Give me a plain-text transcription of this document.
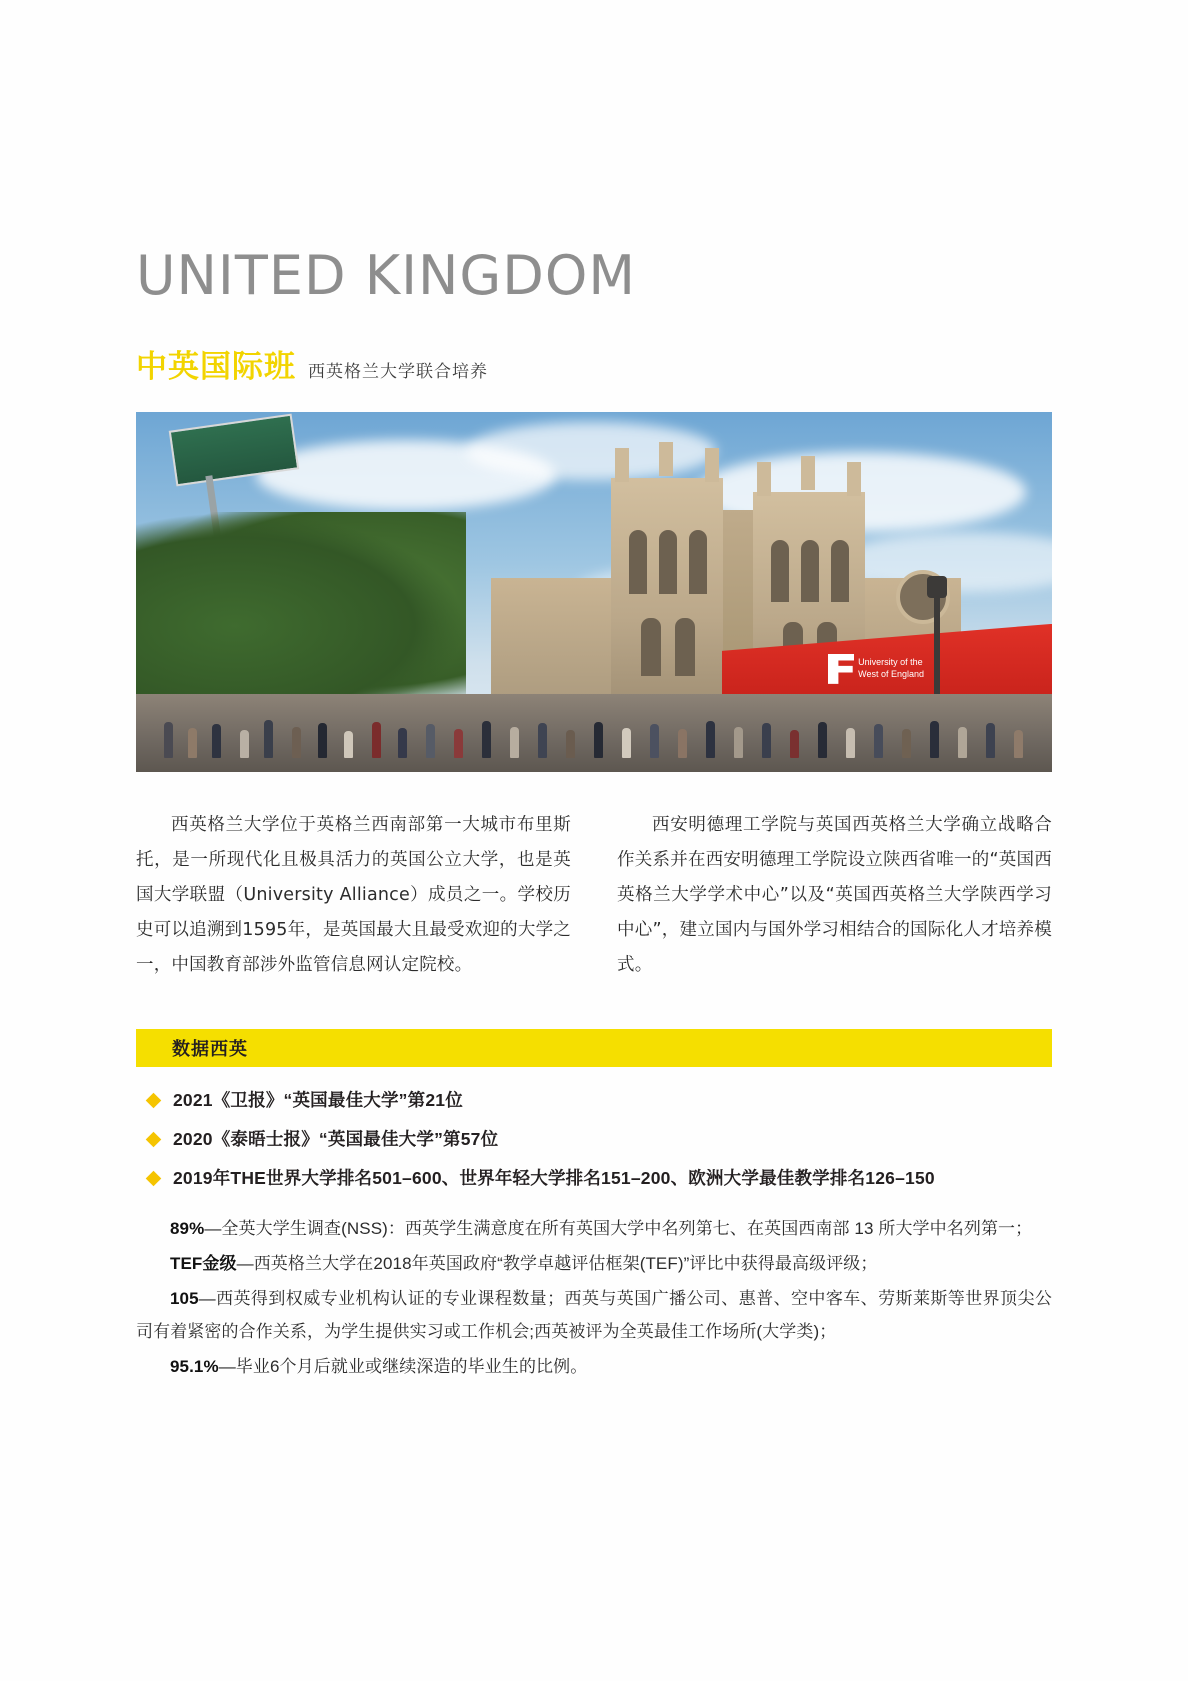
UNITED KINGDOM
中英国际班 西英格兰大学联合培养
University of the
West of England

西英格兰大学位于英格兰西南部第一大城市布里斯托，是一所现代化且极具活力的英国公立大学，也是英国大学联盟（University Alliance）成员之一。学校历史可以追溯到1595年，是英国最大且最受欢迎的大学之一，中国教育部涉外监管信息网认定院校。

西安明德理工学院与英国西英格兰大学确立战略合作关系并在西安明德理工学院设立陕西省唯一的“英国西英格兰大学学术中心”以及“英国西英格兰大学陕西学习中心”，建立国内与国外学习相结合的国际化人才培养模式。

数据西英
2021《卫报》“英国最佳大学”第21位
2020《泰晤士报》“英国最佳大学”第57位
2019年THE世界大学排名501–600、世界年轻大学排名151–200、欧洲大学最佳教学排名126–150

89%—全英大学生调查(NSS)：西英学生满意度在所有英国大学中名列第七、在英国西南部 13 所大学中名列第一；

TEF金级—西英格兰大学在2018年英国政府“教学卓越评估框架(TEF)”评比中获得最高级评级；

105—西英得到权威专业机构认证的专业课程数量；西英与英国广播公司、惠普、空中客车、劳斯莱斯等世界顶尖公司有着紧密的合作关系，为学生提供实习或工作机会;西英被评为全英最佳工作场所(大学类)；

95.1%—毕业6个月后就业或继续深造的毕业生的比例。
